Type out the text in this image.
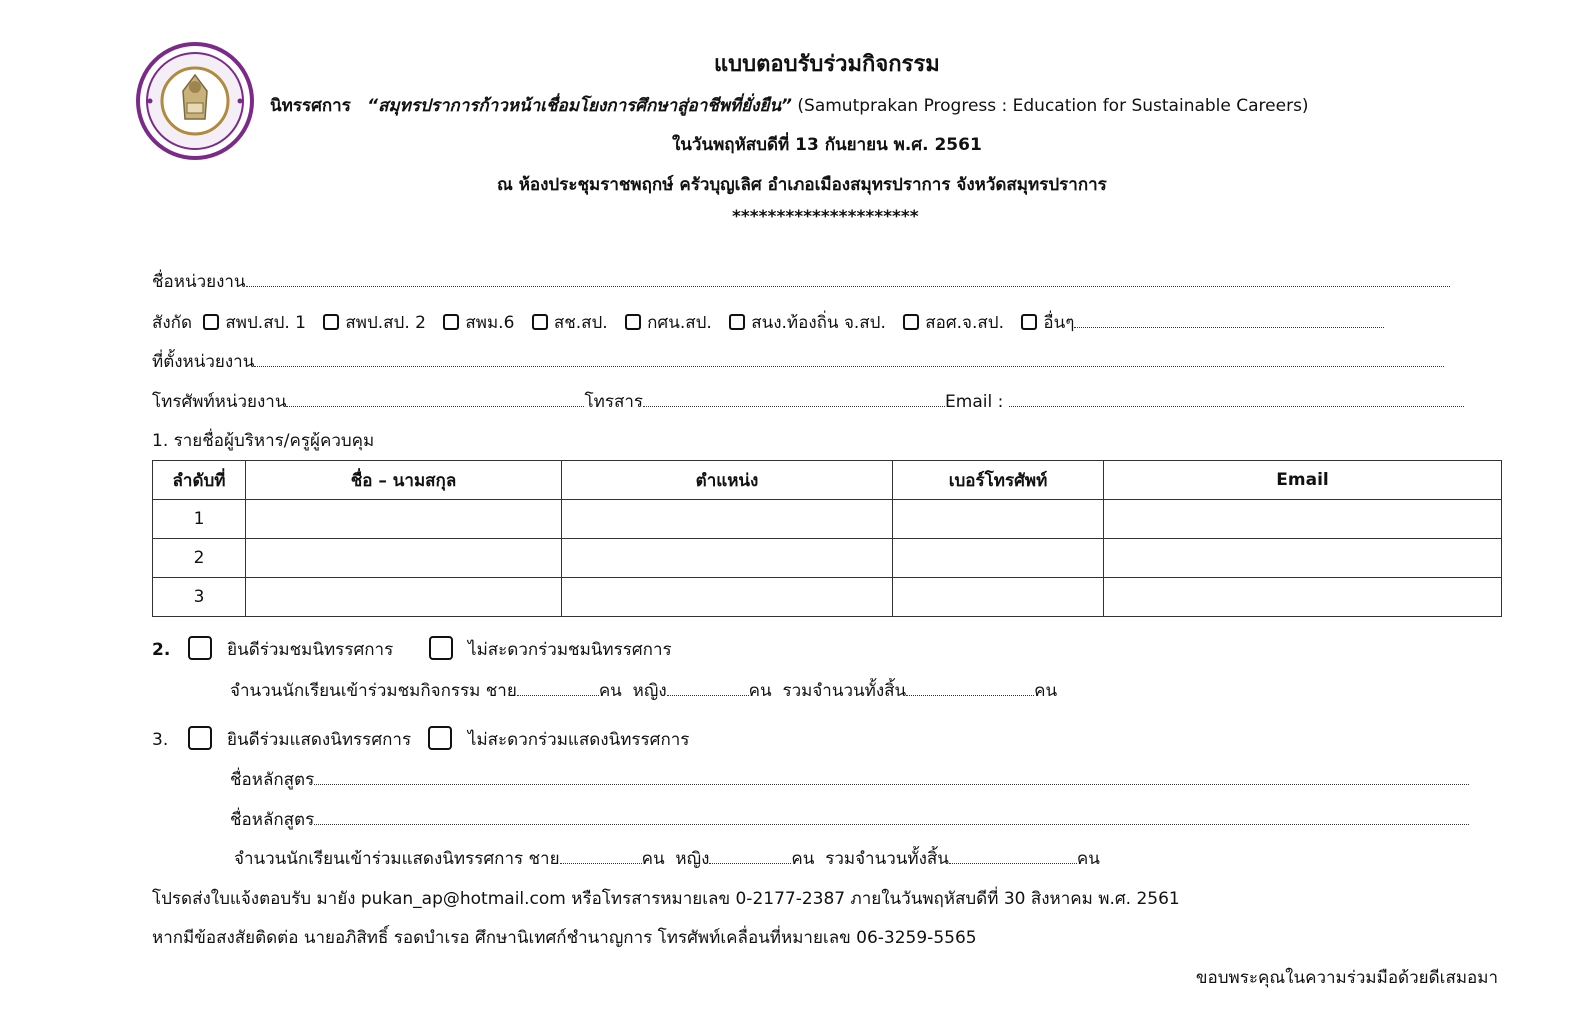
แบบตอบรับร่วมกิจกรรม
นิทรรศการ “สมุทรปราการก้าวหน้าเชื่อมโยงการศึกษาสู่อาชีพที่ยั่งยืน” (Samutprakan Progress : Education for Sustainable Careers)
ในวันพฤหัสบดีที่ 13 กันยายน พ.ศ. 2561
ณ ห้องประชุมราชพฤกษ์ ครัวบุญเลิศ อำเภอเมืองสมุทรปราการ จังหวัดสมุทรปราการ
*********************
ชื่อหน่วยงาน
สังกัด สพป.สป. 1 สพป.สป. 2 สพม.6 สช.สป. กศน.สป. สนง.ท้องถิ่น จ.สป. สอศ.จ.สป. อื่นๆ
ที่ตั้งหน่วยงาน
โทรศัพท์หน่วยงาน	โทรสาร	Email :
1. รายชื่อผู้บริหาร/ครูผู้ควบคุม
ลำดับที่	ชื่อ – นามสกุล	ตำแหน่ง	เบอร์โทรศัพท์	Email
1				
2				
3				
2.	ยินดีร่วมชมนิทรรศการ	ไม่สะดวกร่วมชมนิทรรศการ
จำนวนนักเรียนเข้าร่วมชมกิจกรรม ชาย	คน หญิง	คน รวมจำนวนทั้งสิ้น	คน
3.	ยินดีร่วมแสดงนิทรรศการ	ไม่สะดวกร่วมแสดงนิทรรศการ
ชื่อหลักสูตร
ชื่อหลักสูตร
จำนวนนักเรียนเข้าร่วมแสดงนิทรรศการ ชาย	คน หญิง	คน รวมจำนวนทั้งสิ้น	คน
โปรดส่งใบแจ้งตอบรับ มายัง pukan_ap@hotmail.com หรือโทรสารหมายเลข 0-2177-2387 ภายในวันพฤหัสบดีที่ 30 สิงหาคม พ.ศ. 2561
หากมีข้อสงสัยติดต่อ นายอภิสิทธิ์ รอดบำเรอ ศึกษานิเทศก์ชำนาญการ โทรศัพท์เคลื่อนที่หมายเลข 06-3259-5565
ขอบพระคุณในความร่วมมือด้วยดีเสมอมา
